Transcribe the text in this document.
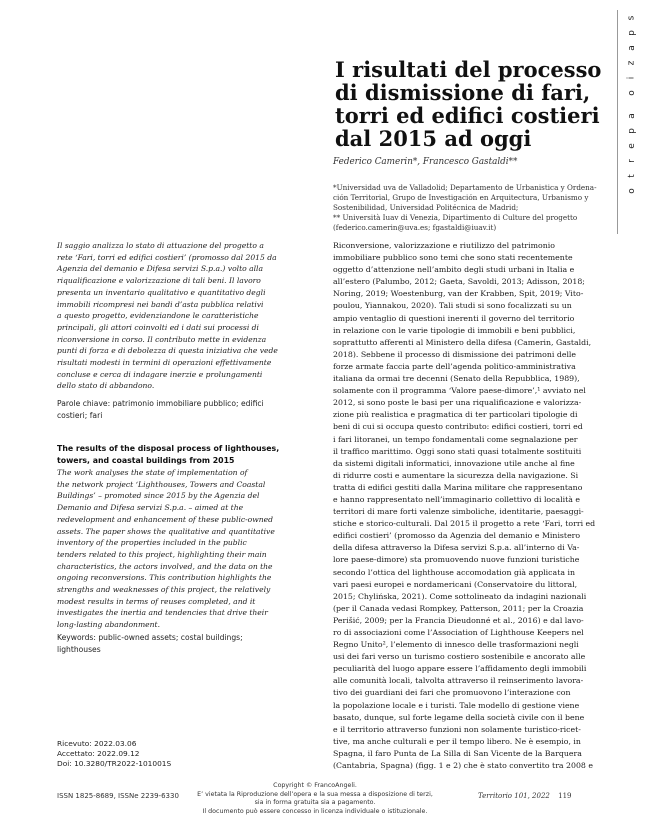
I risultati del processo di dismissione di fari, torri ed edifici costieri dal 2015 ad oggi
Federico Camerin*, Francesco Gastaldi**
*Universidad uva de Valladolid; Departamento de Urbanistica y Ordena-
ción Territorial, Grupo de Investigación en Arquitectura, Urbanismo y
Sostenibilidad, Universidad Politécnica de Madrid;
** Università Iuav di Venezia, Dipartimento di Culture del progetto
(federico.camerin@uva.es; fgastaldi@iuav.it)
s
p
a
z
i
o
a
p
e
r
t
o
Il saggio analizza lo stato di attuazione del progetto a
rete ‘Fari, torri ed edifici costieri’ (promosso dal 2015 da
Agenzia del demanio e Difesa servizi S.p.a.) volto alla
riqualificazione e valorizzazione di tali beni. Il lavoro
presenta un inventario qualitativo e quantitativo degli
immobili ricompresi nei bandi d’asta pubblica relativi
a questo progetto, evidenziandone le caratteristiche
principali, gli attori coinvolti ed i dati sui processi di
riconversione in corso. Il contributo mette in evidenza
punti di forza e di debolezza di questa iniziativa che vede
risultati modesti in termini di operazioni effettivamente
concluse e cerca di indagare inerzie e prolungamenti
dello stato di abbandono.
Parole chiave: patrimonio immobiliare pubblico; edifici
costieri; fari
The results of the disposal process of lighthouses,
towers, and coastal buildings from 2015
The work analyses the state of implementation of
the network project ‘Lighthouses, Towers and Coastal
Buildings’ – promoted since 2015 by the Agenzia del
Demanio and Difesa servizi S.p.a. – aimed at the
redevelopment and enhancement of these public-owned
assets. The paper shows the qualitative and quantitative
inventory of the properties included in the public
tenders related to this project, highlighting their main
characteristics, the actors involved, and the data on the
ongoing reconversions. This contribution highlights the
strengths and weaknesses of this project, the relatively
modest results in terms of reuses completed, and it
investigates the inertia and tendencies that drive their
long-lasting abandonment.
Keywords: public-owned assets; costal buildings;
lighthouses
Riconversione, valorizzazione e riutilizzo del patrimonio
immobiliare pubblico sono temi che sono stati recentemente
oggetto d’attenzione nell’ambito degli studi urbani in Italia e
all’estero (Palumbo, 2012; Gaeta, Savoldi, 2013; Adisson, 2018;
Noring, 2019; Woestenburg, van der Krabben, Spit, 2019; Vito-
poulou, Yiannakou, 2020). Tali studi si sono focalizzati su un
ampio ventaglio di questioni inerenti il governo del territorio
in relazione con le varie tipologie di immobili e beni pubblici,
soprattutto afferenti al Ministero della difesa (Camerin, Gastaldi,
2018). Sebbene il processo di dismissione dei patrimoni delle
forze armate faccia parte dell’agenda politico-amministrativa
italiana da ormai tre decenni (Senato della Repubblica, 1989),
solamente con il programma ‘Valore paese-dimore’,¹ avviato nel
2012, si sono poste le basi per una riqualificazione e valorizza-
zione più realistica e pragmatica di ter particolari tipologie di
beni di cui si occupa questo contributo: edifici costieri, torri ed
i fari litoranei, un tempo fondamentali come segnalazione per
il traffico marittimo. Oggi sono stati quasi totalmente sostituiti
da sistemi digitali informatici, innovazione utile anche al fine
di ridurre costi e aumentare la sicurezza della navigazione. Si
tratta di edifici gestiti dalla Marina militare che rappresentano
e hanno rappresentato nell’immaginario collettivo di località e
territori di mare forti valenze simboliche, identitarie, paesaggi-
stiche e storico-culturali. Dal 2015 il progetto a rete ‘Fari, torri ed
edifici costieri’ (promosso da Agenzia del demanio e Ministero
della difesa attraverso la Difesa servizi S.p.a. all’interno di Va-
lore paese-dimore) sta promuovendo nuove funzioni turistiche
secondo l’ottica del lighthouse accomodation già applicata in
vari paesi europei e nordamericani (Conservatoire du littoral,
2015; Chylińska, 2021). Come sottolineato da indagini nazionali
(per il Canada vedasi Rompkey, Patterson, 2011; per la Croazia
Perišić, 2009; per la Francia Dieudonné et al., 2016) e dal lavo-
ro di associazioni come l’Association of Lighthouse Keepers nel
Regno Unito², l’elemento di innesco delle trasformazioni negli
usi dei fari verso un turismo costiero sostenibile e ancorato alle
peculiarità del luogo appare essere l’affidamento degli immobili
alle comunità locali, talvolta attraverso il reinserimento lavora-
tivo dei guardiani dei fari che promuovono l’interazione con
la popolazione locale e i turisti. Tale modello di gestione viene
basato, dunque, sul forte legame della società civile con il bene
e il territorio attraverso funzioni non solamente turistico-ricet-
tive, ma anche culturali e per il tempo libero. Ne è esempio, in
Spagna, il faro Punta de La Silla di San Vicente de la Barquera
(Cantabria, Spagna) (figg. 1 e 2) che è stato convertito tra 2008 e
Ricevuto: 2022.03.06
Accettato: 2022.09.12
Doi: 10.3280/TR2022-101001S
ISSN 1825-8689, ISSNe 2239-6330
Copyright © FrancoAngeli.
E’ vietata la Riproduzione dell’opera e la sua messa a disposizione di terzi,
sia in forma gratuita sia a pagamento.
Il documento può essere concesso in licenza individuale o istituzionale.
Territorio 101, 2022 119
